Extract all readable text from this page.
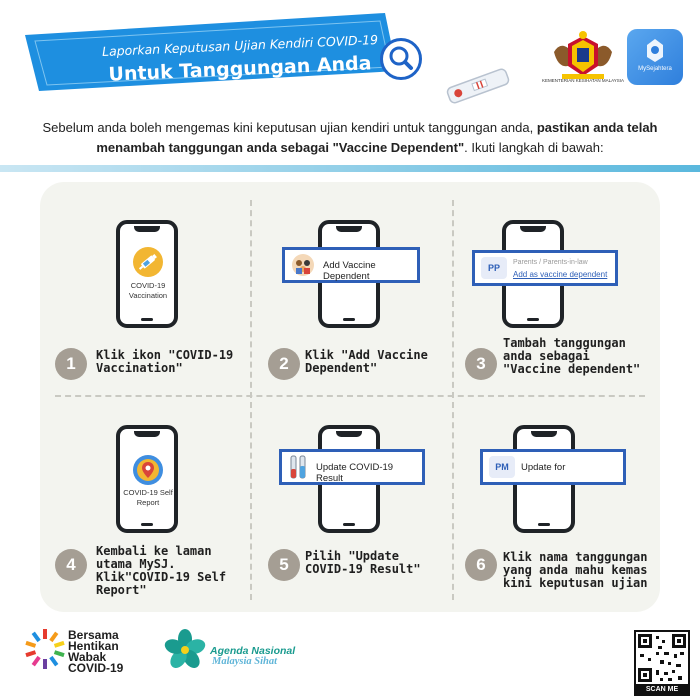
Laporkan Keputusan Ujian Kendiri COVID-19
Untuk Tanggungan Anda	KEMENTERIAN KESIHATAN MALAYSIA
MySejahtera
Sebelum anda boleh mengemas kini keputusan ujian kendiri untuk tanggungan anda, pastikan anda telah menambah tanggungan anda sebagai "Vaccine Dependent". Ikuti langkah di bawah:
COVID-19 Vaccination
1	Klik ikon "COVID-19 Vaccination"
Add Vaccine Dependent
2	Klik "Add Vaccine Dependent"
PP
Parents / Parents-in-law
Add as vaccine dependent
3
Tambah tanggungan anda sebagai "Vaccine dependent"
COVID-19 Self Report
4
Kembali ke laman utama MySJ. Klik"COVID-19 Self Report"
Update COVID-19 Result
5	Pilih "Update COVID-19 Result"
PM	Update for
6	Klik nama tanggungan yang anda mahu kemas kini keputusan ujian
Bersama
Hentikan
Wabak
COVID-19
Agenda Nasional
Malaysia Sihat
SCAN ME
